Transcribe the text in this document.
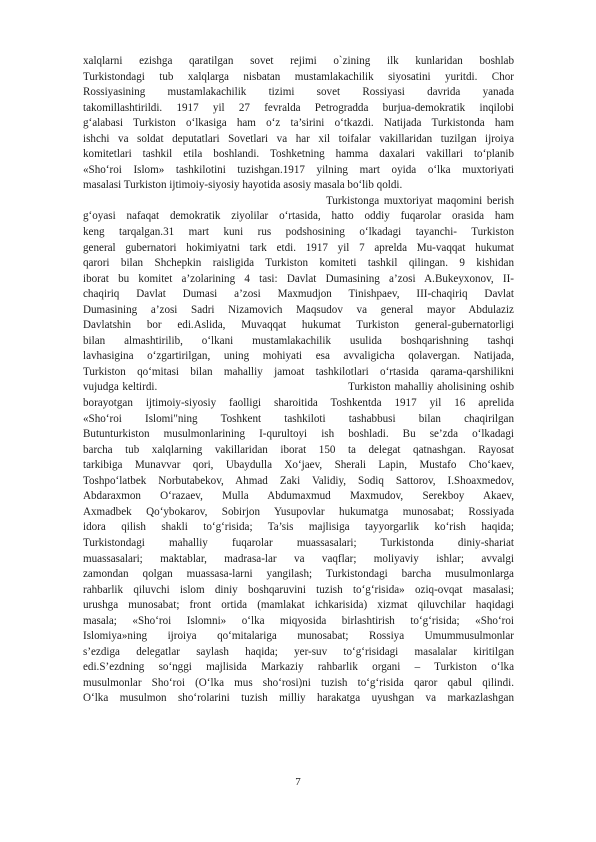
xalqlarni ezishga qaratilgan sovet rejimi o`zining ilk kunlaridan boshlab
Turkistondagi tub xalqlarga nisbatan mustamlakachilik siyosatini yuritdi. Chor
Rossiyasining mustamlakachilik tizimi sovet Rossiyasi davrida yanada
takomillashtirildi. 1917 yil 27 fevralda Petrogradda burjua-demokratik inqilobi
g‘alabasi Turkiston o‘lkasiga ham o‘z ta’sirini o‘tkazdi. Natijada Turkistonda ham
ishchi va soldat deputatlari Sovetlari va har xil toifalar vakillaridan tuzilgan ijroiya
komitetlari tashkil etila boshlandi. Toshketning hamma daxalari vakillari to‘planib
«Sho‘roi Islom» tashkilotini tuzishgan.1917 yilning mart oyida o‘lka muxtoriyati
masalasi Turkiston ijtimoiy-siyosiy hayotida asosiy masala bo‘lib qoldi.
Turkistonga muxtoriyat maqomini berish
g‘oyasi nafaqat demokratik ziyolilar o‘rtasida, hatto oddiy fuqarolar orasida ham
keng tarqalgan.31 mart kuni rus podshosining o‘lkadagi tayanchi- Turkiston
general gubernatori hokimiyatni tark etdi. 1917 yil 7 aprelda Mu-vaqqat hukumat
qarori bilan Shchepkin raisligida Turkiston komiteti tashkil qilingan. 9 kishidan
iborat bu komitet a’zolarining 4 tasi: Davlat Dumasining a’zosi A.Bukeyxonov, II-
chaqiriq Davlat Dumasi a’zosi Maxmudjon Tinishpaev, III-chaqiriq Davlat
Dumasining a’zosi Sadri Nizamovich Maqsudov va general mayor Abdulaziz
Davlatshin bor edi.Aslida, Muvaqqat hukumat Turkiston general-gubernatorligi
bilan almashtirilib, o‘lkani mustamlakachilik usulida boshqarishning tashqi
lavhasigina o‘zgartirilgan, uning mohiyati esa avvaligicha qolavergan. Natijada,
Turkiston qo‘mitasi bilan mahalliy jamoat tashkilotlari o‘rtasida qarama-qarshilikni
vujudga keltirdi.                                                    Turkiston mahalliy aholisining oshib
borayotgan ijtimoiy-siyosiy faolligi sharoitida Toshkentda 1917 yil 16 aprelida
«Sho‘roi Islomi"ning Toshkent tashkiloti tashabbusi bilan chaqirilgan
Butunturkiston musulmonlarining I-qurultoyi ish boshladi. Bu se’zda o‘lkadagi
barcha tub xalqlarning vakillaridan iborat 150 ta delegat qatnashgan. Rayosat
tarkibiga Munavvar qori, Ubaydulla Xo‘jaev, Sherali Lapin, Mustafo Cho‘kaev,
Toshpo‘latbek Norbutabekov, Ahmad Zaki Validiy, Sodiq Sattorov, I.Shoaxmedov,
Abdaraxmon O‘razaev, Mulla Abdumaxmud Maxmudov, Serekboy Akaev,
Axmadbek Qo‘ybokarov, Sobirjon Yusupovlar hukumatga munosabat; Rossiyada
idora qilish shakli to‘g‘risida; Ta’sis majlisiga tayyorgarlik ko‘rish haqida;
Turkistondagi mahalliy fuqarolar muassasalari; Turkistonda diniy-shariat
muassasalari; maktablar, madrasa-lar va vaqflar; moliyaviy ishlar; avvalgi
zamondan qolgan muassasa-larni yangilash; Turkistondagi barcha musulmonlarga
rahbarlik qiluvchi islom diniy boshqaruvini tuzish to‘g‘risida» oziq-ovqat masalasi;
urushga munosabat; front ortida (mamlakat ichkarisida) xizmat qiluvchilar haqidagi
masala; «Sho‘roi Islomni» o‘lka miqyosida birlashtirish to‘g‘risida; «Sho‘roi
Islomiya»ning ijroiya qo‘mitalariga munosabat; Rossiya Umummusulmonlar
s’ezdiga delegatlar saylash haqida; yer-suv to‘g‘risidagi masalalar kiritilgan
edi.S’ezdning so‘nggi majlisida Markaziy rahbarlik organi – Turkiston o‘lka
musulmonlar Sho‘roi (O‘lka mus sho‘rosi)ni tuzish to‘g‘risida qaror qabul qilindi.
O‘lka musulmon sho‘rolarini tuzish milliy harakatga uyushgan va markazlashgan
7
